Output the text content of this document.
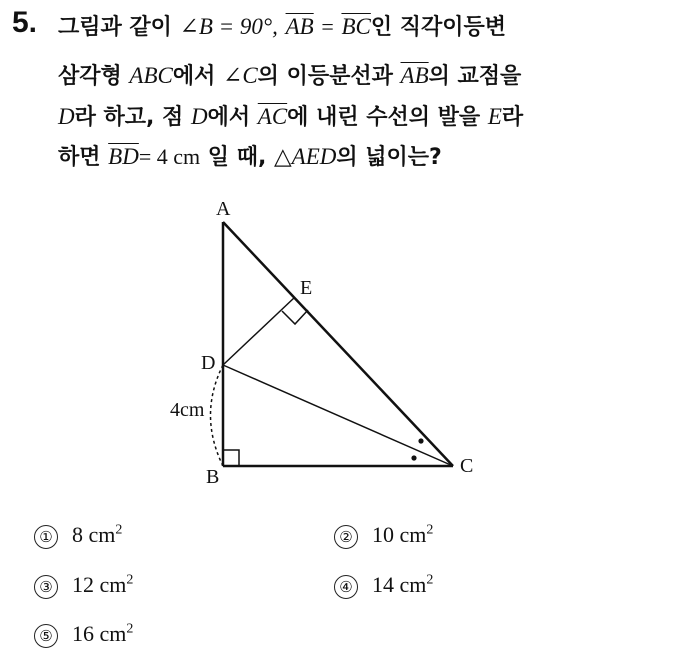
5. 그림과 같이 ∠B = 90°, $\overline{AB} = \overline{BC}$인 직각이등변
삼각형 ABC에서 ∠C의 이등분선과 $\overline{AB}$의 교점을
D라 하고, 점 D에서 $\overline{AC}$에 내린 수선의 발을 E라
하면 $\overline{BD}= 4$ cm 일 때, △AED의 넓이는?
A
B	C
D
E
4cm
① 8 $cm^2$	② 10 $cm^2$
③ 12 $cm^2$	④ 14 $cm^2$
⑤ 16 $cm^2$
